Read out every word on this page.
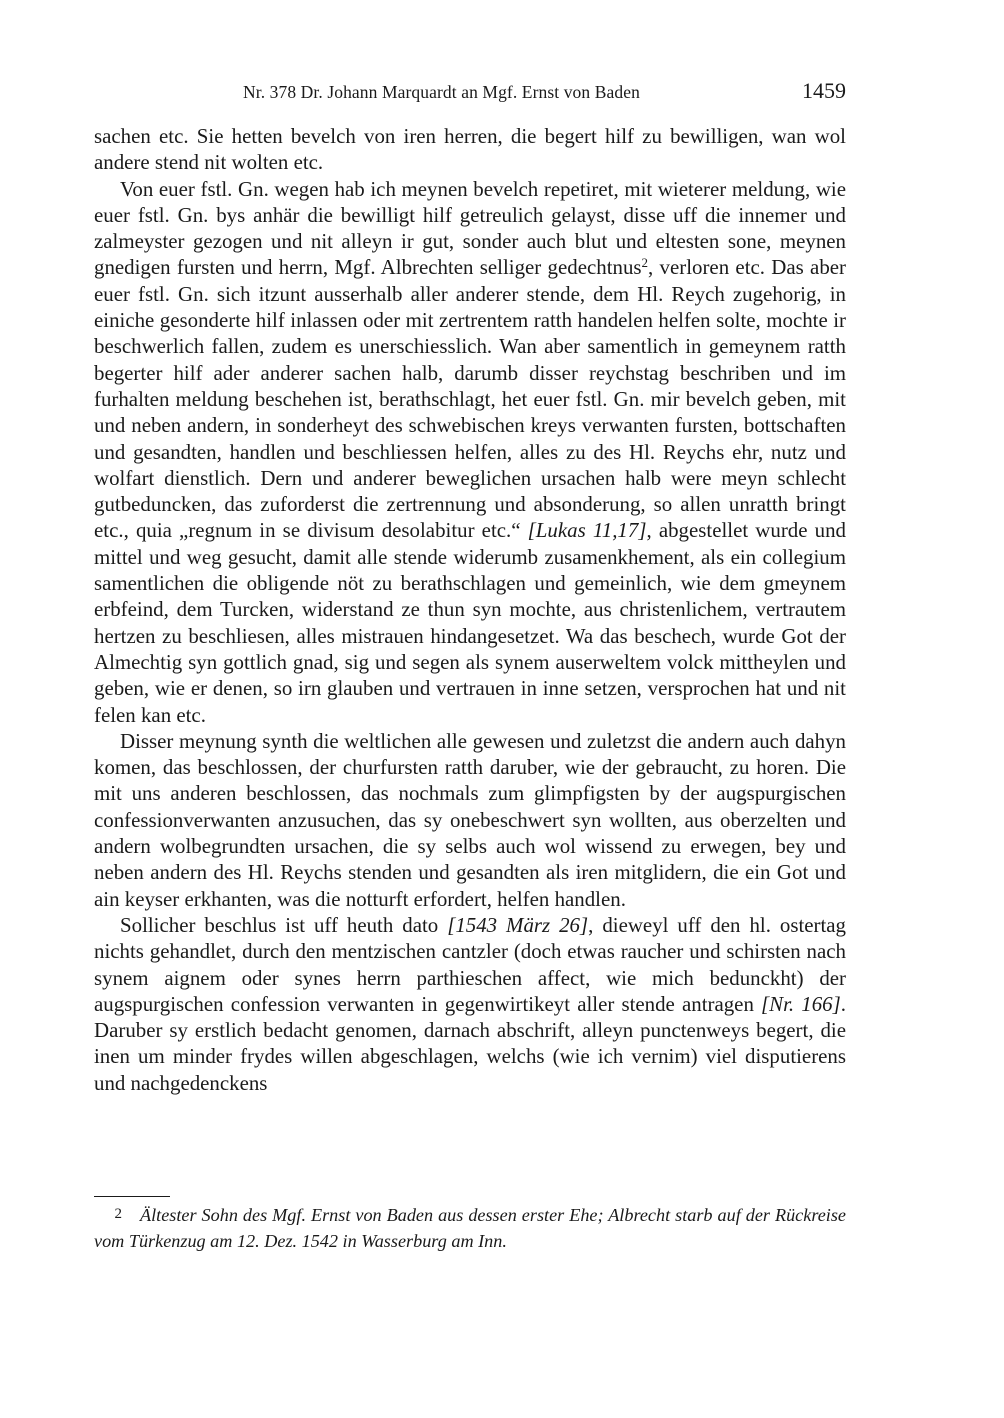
Nr. 378 Dr. Johann Marquardt an Mgf. Ernst von Baden	1459

sachen etc. Sie hetten bevelch von iren herren, die begert hilf zu bewilligen, wan wol andere stend nit wolten etc.

Von euer fstl. Gn. wegen hab ich meynen bevelch repetiret, mit wieterer meldung, wie euer fstl. Gn. bys anhär die bewilligt hilf getreulich gelayst, disse uff die innemer und zalmeyster gezogen und nit alleyn ir gut, sonder auch blut und eltesten sone, meynen gnedigen fursten und herrn, Mgf. Albrechten selliger gedechtnus$^2$, verloren etc. Das aber euer fstl. Gn. sich itzunt ausserhalb aller anderer stende, dem Hl. Reych zugehorig, in einiche gesonderte hilf inlassen oder mit zertrentem ratth handelen helfen solte, mochte ir beschwerlich fallen, zudem es unerschiesslich. Wan aber samentlich in gemeynem ratth begerter hilf ader anderer sachen halb, darumb disser reychstag beschriben und im furhalten meldung beschehen ist, berathschlagt, het euer fstl. Gn. mir bevelch geben, mit und neben andern, in sonderheyt des schwebischen kreys verwanten fursten, bottschaften und gesandten, handlen und beschliessen helfen, alles zu des Hl. Reychs ehr, nutz und wolfart dienstlich. Dern und anderer beweglichen ursachen halb were meyn schlecht gutbeduncken, das zuforderst die zertrennung und absonderung, so allen unratth bringt etc., quia „regnum in se divisum desolabitur etc.“ [Lukas 11,17], abgestellet wurde und mittel und weg gesucht, damit alle stende widerumb zusamenkhement, als ein collegium samentlichen die obligende nöt zu berathschlagen und gemeinlich, wie dem gmeynem erbfeind, dem Turcken, widerstand ze thun syn mochte, aus christenlichem, vertrautem hertzen zu beschliesen, alles mistrauen hindangesetzet. Wa das beschech, wurde Got der Almechtig syn gottlich gnad, sig und segen als synem auserweltem volck mittheylen und geben, wie er denen, so irn glauben und vertrauen in inne setzen, versprochen hat und nit felen kan etc.

Disser meynung synth die weltlichen alle gewesen und zuletzst die andern auch dahyn komen, das beschlossen, der churfursten ratth daruber, wie der gebraucht, zu horen. Die mit uns anderen beschlossen, das nochmals zum glimpfigsten by der augspurgischen confessionverwanten anzusuchen, das sy onebeschwert syn wollten, aus oberzelten und andern wolbegrundten ursachen, die sy selbs auch wol wissend zu erwegen, bey und neben andern des Hl. Reychs stenden und gesandten als iren mitglidern, die ein Got und ain keyser erkhanten, was die notturft erfordert, helfen handlen.

Sollicher beschlus ist uff heuth dato [1543 März 26], dieweyl uff den hl. ostertag nichts gehandlet, durch den mentzischen cantzler (doch etwas raucher und schirsten nach synem aignem oder synes herrn parthieschen affect, wie mich bedunckht) der augspurgischen confession verwanten in gegenwirtikeyt aller stende antragen [Nr. 166]. Daruber sy erstlich bedacht genomen, darnach abschrift, alleyn punctenweys begert, die inen um minder frydes willen abgeschlagen, welchs (wie ich vernim) viel disputierens und nachgedenckens

2 Ältester Sohn des Mgf. Ernst von Baden aus dessen erster Ehe; Albrecht starb auf der Rückreise vom Türkenzug am 12. Dez. 1542 in Wasserburg am Inn.
